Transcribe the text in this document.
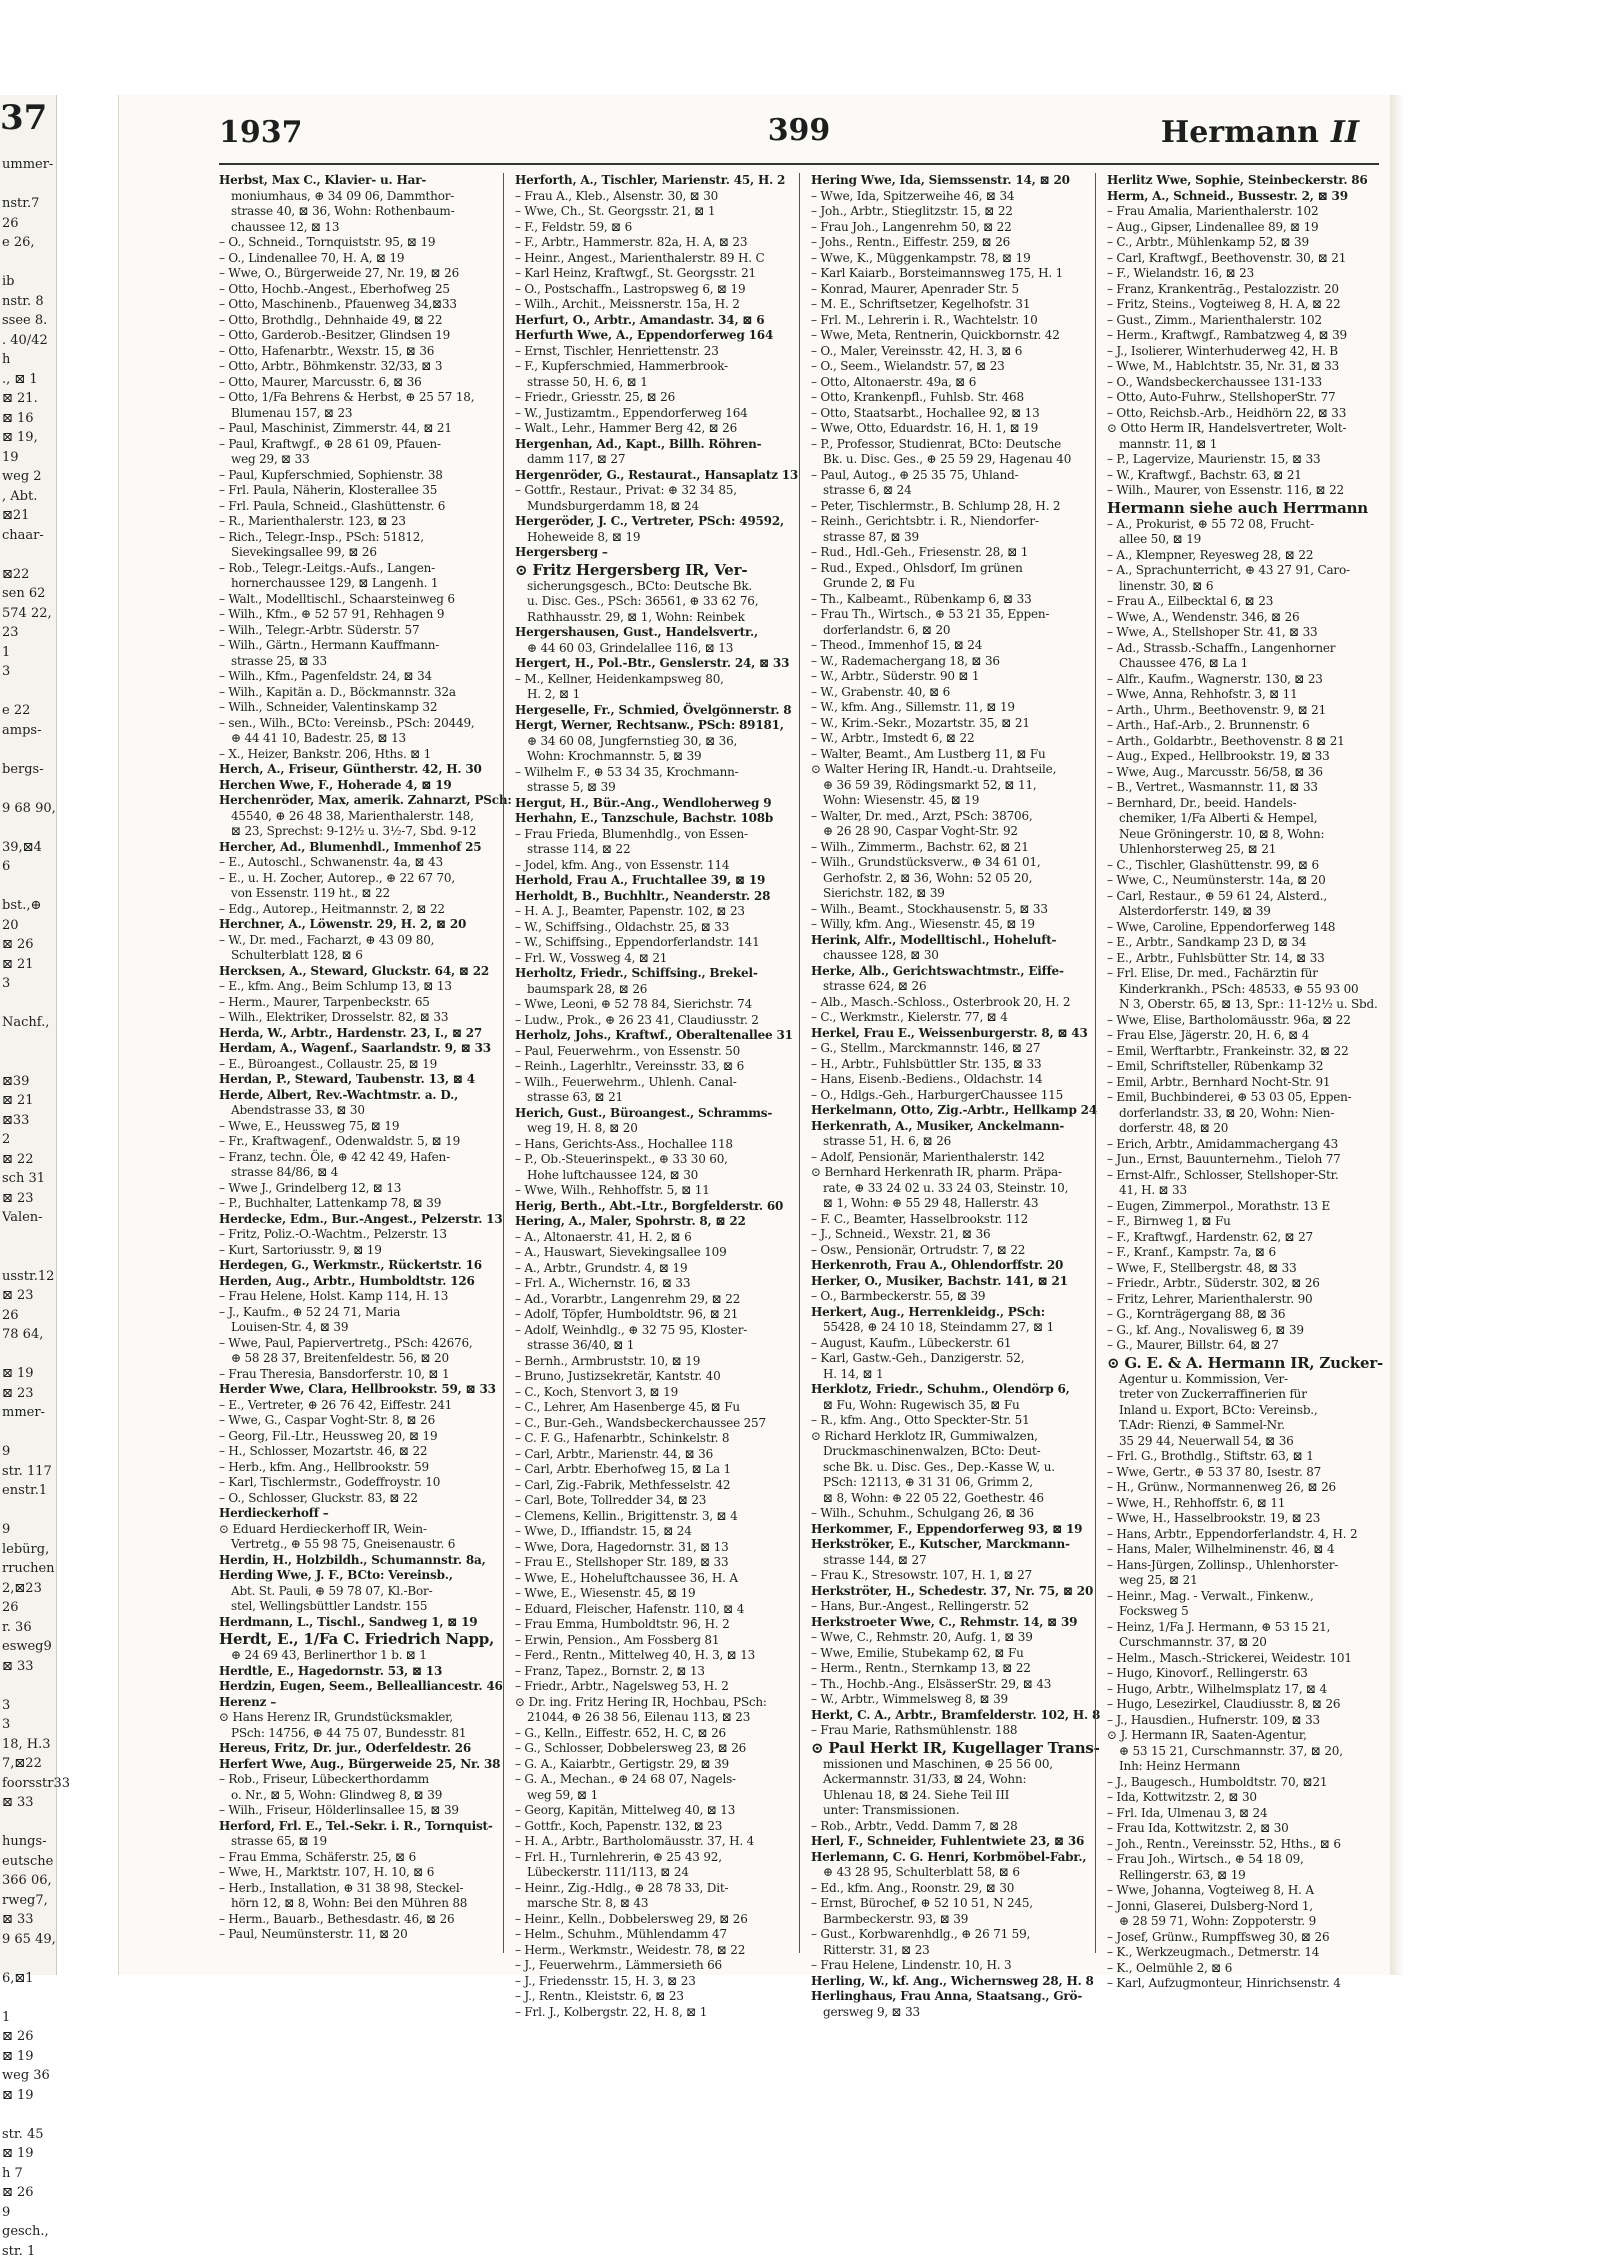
37
ummer-
nstr.7
26
e 26,
ib
nstr. 8
ssee 8.
. 40/42
h
., ⊠ 1
⊠ 21.
⊠ 16
⊠ 19,
19
weg 2
, Abt.
⊠21
chaar-
⊠22
sen 62
574 22,
23
1
3
e 22
amps-
bergs-
9 68 90,
39,⊠4
6
bst.,⊕
20
⊠ 26
⊠ 21
3
Nachf.,
⊠39
⊠ 21
⊠33
2
⊠ 22
sch 31
⊠ 23
Valen-
usstr.12
⊠ 23
26
78 64,
⊠ 19
⊠ 23
mmer-
9
str. 117
enstr.1
9
lebürg,
rruchen
2,⊠23
26
r. 36
esweg9
⊠ 33
3
3
18, H.3
7,⊠22
foorsstr33
⊠ 33
hungs-
eutsche
366 06,
rweg7,
⊠ 33
9 65 49,
6,⊠1
1
⊠ 26
⊠ 19
weg 36
⊠ 19
str. 45
⊠ 19
h 7
⊠ 26
9
gesch.,
str. 1
1937	399	Hermann II
Herbst, Max C., Klavier- u. Har-
moniumhaus, ⊕ 34 09 06, Dammthor-
strasse 40, ⊠ 36, Wohn: Rothenbaum-
chaussee 12, ⊠ 13
– O., Schneid., Tornquiststr. 95, ⊠ 19
– O., Lindenallee 70, H. A, ⊠ 19
– Wwe, O., Bürgerweide 27, Nr. 19, ⊠ 26
– Otto, Hochb.-Angest., Eberhofweg 25
– Otto, Maschinenb., Pfauenweg 34,⊠33
– Otto, Brothdlg., Dehnhaide 49, ⊠ 22
– Otto, Garderob.-Besitzer, Glindsen 19
– Otto, Hafenarbtr., Wexstr. 15, ⊠ 36
– Otto, Arbtr., Böhmkenstr. 32/33, ⊠ 3
– Otto, Maurer, Marcusstr. 6, ⊠ 36
– Otto, 1/Fa Behrens & Herbst, ⊕ 25 57 18,
Blumenau 157, ⊠ 23
– Paul, Maschinist, Zimmerstr. 44, ⊠ 21
– Paul, Kraftwgf., ⊕ 28 61 09, Pfauen-
weg 29, ⊠ 33
– Paul, Kupferschmied, Sophienstr. 38
– Frl. Paula, Näherin, Klosterallee 35
– Frl. Paula, Schneid., Glashüttenstr. 6
– R., Marienthalerstr. 123, ⊠ 23
– Rich., Telegr.-Insp., PSch: 51812,
Sievekingsallee 99, ⊠ 26
– Rob., Telegr.-Leitgs.-Aufs., Langen-
hornerchaussee 129, ⊠ Langenh. 1
– Walt., Modelltischl., Schaarsteinweg 6
– Wilh., Kfm., ⊕ 52 57 91, Rehhagen 9
– Wilh., Telegr.-Arbtr. Süderstr. 57
– Wilh., Gärtn., Hermann Kauffmann-
strasse 25, ⊠ 33
– Wilh., Kfm., Pagenfeldstr. 24, ⊠ 34
– Wilh., Kapitän a. D., Böckmannstr. 32a
– Wilh., Schneider, Valentinskamp 32
– sen., Wilh., BCto: Vereinsb., PSch: 20449,
⊕ 44 41 10, Badestr. 25, ⊠ 13
– X., Heizer, Bankstr. 206, Hths. ⊠ 1
Herch, A., Friseur, Güntherstr. 42, H. 30
Herchen Wwe, F., Hoherade 4, ⊠ 19
Herchenröder, Max, amerik. Zahnarzt, PSch:
45540, ⊕ 26 48 38, Marienthalerstr. 148,
⊠ 23, Sprechst: 9-12½ u. 3½-7, Sbd. 9-12
Hercher, Ad., Blumenhdl., Immenhof 25
– E., Autoschl., Schwanenstr. 4a, ⊠ 43
– E., u. H. Zocher, Autorep., ⊕ 22 67 70,
von Essenstr. 119 ht., ⊠ 22
– Edg., Autorep., Heitmannstr. 2, ⊠ 22
Herchner, A., Löwenstr. 29, H. 2, ⊠ 20
– W., Dr. med., Facharzt, ⊕ 43 09 80,
Schulterblatt 128, ⊠ 6
Hercksen, A., Steward, Gluckstr. 64, ⊠ 22
– E., kfm. Ang., Beim Schlump 13, ⊠ 13
– Herm., Maurer, Tarpenbeckstr. 65
– Wilh., Elektriker, Drosselstr. 82, ⊠ 33
Herda, W., Arbtr., Hardenstr. 23, I., ⊠ 27
Herdam, A., Wagenf., Saarlandstr. 9, ⊠ 33
– E., Büroangest., Collaustr. 25, ⊠ 19
Herdan, P., Steward, Taubenstr. 13, ⊠ 4
Herde, Albert, Rev.-Wachtmstr. a. D.,
Abendstrasse 33, ⊠ 30
– Wwe, E., Heussweg 75, ⊠ 19
– Fr., Kraftwagenf., Odenwaldstr. 5, ⊠ 19
– Franz, techn. Öle, ⊕ 42 42 49, Hafen-
strasse 84/86, ⊠ 4
– Wwe J., Grindelberg 12, ⊠ 13
– P., Buchhalter, Lattenkamp 78, ⊠ 39
Herdecke, Edm., Bur.-Angest., Pelzerstr. 13
– Fritz, Poliz.-O.-Wachtm., Pelzerstr. 13
– Kurt, Sartoriusstr. 9, ⊠ 19
Herdegen, G., Werkmstr., Rückertstr. 16
Herden, Aug., Arbtr., Humboldtstr. 126
– Frau Helene, Holst. Kamp 114, H. 13
– J., Kaufm., ⊕ 52 24 71, Maria
Louisen-Str. 4, ⊠ 39
– Wwe, Paul, Papiervertretg., PSch: 42676,
⊕ 58 28 37, Breitenfeldestr. 56, ⊠ 20
– Frau Theresia, Bansdorferstr. 10, ⊠ 1
Herder Wwe, Clara, Hellbrookstr. 59, ⊠ 33
– E., Vertreter, ⊕ 26 76 42, Eiffestr. 241
– Wwe, G., Caspar Voght-Str. 8, ⊠ 26
– Georg, Fil.-Ltr., Heussweg 20, ⊠ 19
– H., Schlosser, Mozartstr. 46, ⊠ 22
– Herb., kfm. Ang., Hellbrookstr. 59
– Karl, Tischlermstr., Godeffroystr. 10
– O., Schlosser, Gluckstr. 83, ⊠ 22
Herdieckerhoff –
⊙ Eduard Herdieckerhoff IR, Wein-
Vertretg., ⊕ 55 98 75, Gneisenaustr. 6
Herdin, H., Holzbildh., Schumannstr. 8a,
Herding Wwe, J. F., BCto: Vereinsb.,
Abt. St. Pauli, ⊕ 59 78 07, Kl.-Bor-
stel, Wellingsbüttler Landstr. 155
Herdmann, L., Tischl., Sandweg 1, ⊠ 19
Herdt, E., 1/Fa C. Friedrich Napp,
⊕ 24 69 43, Berlinerthor 1 b. ⊠ 1
Herdtle, E., Hagedornstr. 53, ⊠ 13
Herdzin, Eugen, Seem., Bellealliancestr. 46
Herenz –
⊙ Hans Herenz IR, Grundstücksmakler,
PSch: 14756, ⊕ 44 75 07, Bundesstr. 81
Hereus, Fritz, Dr. jur., Oderfeldestr. 26
Herfert Wwe, Aug., Bürgerweide 25, Nr. 38
– Rob., Friseur, Lübeckerthordamm
o. Nr., ⊠ 5, Wohn: Glindweg 8, ⊠ 39
– Wilh., Friseur, Hölderlinsallee 15, ⊠ 39
Herford, Frl. E., Tel.-Sekr. i. R., Tornquist-
strasse 65, ⊠ 19
– Frau Emma, Schäferstr. 25, ⊠ 6
– Wwe, H., Marktstr. 107, H. 10, ⊠ 6
– Herb., Installation, ⊕ 31 38 98, Steckel-
hörn 12, ⊠ 8, Wohn: Bei den Mühren 88
– Herm., Bauarb., Bethesdastr. 46, ⊠ 26
– Paul, Neumünsterstr. 11, ⊠ 20
Herforth, A., Tischler, Marienstr. 45, H. 2
– Frau A., Kleb., Alsenstr. 30, ⊠ 30
– Wwe, Ch., St. Georgsstr. 21, ⊠ 1
– F., Feldstr. 59, ⊠ 6
– F., Arbtr., Hammerstr. 82a, H. A, ⊠ 23
– Heinr., Angest., Marienthalerstr. 89 H. C
– Karl Heinz, Kraftwgf., St. Georgsstr. 21
– O., Postschaffn., Lastropsweg 6, ⊠ 19
– Wilh., Archit., Meissnerstr. 15a, H. 2
Herfurt, O., Arbtr., Amandastr. 34, ⊠ 6
Herfurth Wwe, A., Eppendorferweg 164
– Ernst, Tischler, Henriettenstr. 23
– F., Kupferschmied, Hammerbrook-
strasse 50, H. 6, ⊠ 1
– Friedr., Griesstr. 25, ⊠ 26
– W., Justizamtm., Eppendorferweg 164
– Walt., Lehr., Hammer Berg 42, ⊠ 26
Hergenhan, Ad., Kapt., Billh. Röhren-
damm 117, ⊠ 27
Hergenröder, G., Restaurat., Hansaplatz 13
– Gottfr., Restaur., Privat: ⊕ 32 34 85,
Mundsburgerdamm 18, ⊠ 24
Hergeröder, J. C., Vertreter, PSch: 49592,
Hoheweide 8, ⊠ 19
Hergersberg –
⊙ Fritz Hergersberg IR, Ver-
sicherungsgesch., BCto: Deutsche Bk.
u. Disc. Ges., PSch: 36561, ⊕ 33 62 76,
Rathhausstr. 29, ⊠ 1, Wohn: Reinbek
Hergershausen, Gust., Handelsvertr.,
⊕ 44 60 03, Grindelallee 116, ⊠ 13
Hergert, H., Pol.-Btr., Genslerstr. 24, ⊠ 33
– M., Kellner, Heidenkampsweg 80,
H. 2, ⊠ 1
Hergeselle, Fr., Schmied, Övelgönnerstr. 8
Hergt, Werner, Rechtsanw., PSch: 89181,
⊕ 34 60 08, Jungfernstieg 30, ⊠ 36,
Wohn: Krochmannstr. 5, ⊠ 39
– Wilhelm F., ⊕ 53 34 35, Krochmann-
strasse 5, ⊠ 39
Hergut, H., Bür.-Ang., Wendloherweg 9
Herhahn, E., Tanzschule, Bachstr. 108b
– Frau Frieda, Blumenhdlg., von Essen-
strasse 114, ⊠ 22
– Jodel, kfm. Ang., von Essenstr. 114
Herhold, Frau A., Fruchtallee 39, ⊠ 19
Herholdt, B., Buchhltr., Neanderstr. 28
– H. A. J., Beamter, Papenstr. 102, ⊠ 23
– W., Schiffsing., Oldachstr. 25, ⊠ 33
– W., Schiffsing., Eppendorferlandstr. 141
– Frl. W., Vossweg 4, ⊠ 21
Herholtz, Friedr., Schiffsing., Brekel-
baumspark 28, ⊠ 26
– Wwe, Leoni, ⊕ 52 78 84, Sierichstr. 74
– Ludw., Prok., ⊕ 26 23 41, Claudiusstr. 2
Herholz, Johs., Kraftwf., Oberaltenallee 31
– Paul, Feuerwehrm., von Essenstr. 50
– Reinh., Lagerhltr., Vereinsstr. 33, ⊠ 6
– Wilh., Feuerwehrm., Uhlenh. Canal-
strasse 63, ⊠ 21
Herich, Gust., Büroangest., Schramms-
weg 19, H. 8, ⊠ 20
– Hans, Gerichts-Ass., Hochallee 118
– P., Ob.-Steuerinspekt., ⊕ 33 30 60,
Hohe luftchaussee 124, ⊠ 30
– Wwe, Wilh., Rehhoffstr. 5, ⊠ 11
Herig, Berth., Abt.-Ltr., Borgfelderstr. 60
Hering, A., Maler, Spohrstr. 8, ⊠ 22
– A., Altonaerstr. 41, H. 2, ⊠ 6
– A., Hauswart, Sievekingsallee 109
– A., Arbtr., Grundstr. 4, ⊠ 19
– Frl. A., Wichernstr. 16, ⊠ 33
– Ad., Vorarbtr., Langenrehm 29, ⊠ 22
– Adolf, Töpfer, Humboldtstr. 96, ⊠ 21
– Adolf, Weinhdlg., ⊕ 32 75 95, Kloster-
strasse 36/40, ⊠ 1
– Bernh., Armbruststr. 10, ⊠ 19
– Bruno, Justizsekretär, Kantstr. 40
– C., Koch, Stenvort 3, ⊠ 19
– C., Lehrer, Am Hasenberge 45, ⊠ Fu
– C., Bur.-Geh., Wandsbeckerchaussee 257
– C. F. G., Hafenarbtr., Schinkelstr. 8
– Carl, Arbtr., Marienstr. 44, ⊠ 36
– Carl, Arbtr. Eberhofweg 15, ⊠ La 1
– Carl, Zig.-Fabrik, Methfesselstr. 42
– Carl, Bote, Tollredder 34, ⊠ 23
– Clemens, Kellin., Brigittenstr. 3, ⊠ 4
– Wwe, D., Iffiandstr. 15, ⊠ 24
– Wwe, Dora, Hagedornstr. 31, ⊠ 13
– Frau E., Stellshoper Str. 189, ⊠ 33
– Wwe, E., Hoheluftchaussee 36, H. A
– Wwe, E., Wiesenstr. 45, ⊠ 19
– Eduard, Fleischer, Hafenstr. 110, ⊠ 4
– Frau Emma, Humboldtstr. 96, H. 2
– Erwin, Pension., Am Fossberg 81
– Ferd., Rentn., Mittelweg 40, H. 3, ⊠ 13
– Franz, Tapez., Bornstr. 2, ⊠ 13
– Friedr., Arbtr., Nagelsweg 53, H. 2
⊙ Dr. ing. Fritz Hering IR, Hochbau, PSch:
21044, ⊕ 26 38 56, Eilenau 113, ⊠ 23
– G., Kelln., Eiffestr. 652, H. C, ⊠ 26
– G., Schlosser, Dobbelersweg 23, ⊠ 26
– G. A., Kaiarbtr., Gertigstr. 29, ⊠ 39
– G. A., Mechan., ⊕ 24 68 07, Nagels-
weg 59, ⊠ 1
– Georg, Kapitän, Mittelweg 40, ⊠ 13
– Gottfr., Koch, Papenstr. 132, ⊠ 23
– H. A., Arbtr., Bartholomäusstr. 37, H. 4
– Frl. H., Turnlehrerin, ⊕ 25 43 92,
Lübeckerstr. 111/113, ⊠ 24
– Heinr., Zig.-Hdlg., ⊕ 28 78 33, Dit-
marsche Str. 8, ⊠ 43
– Heinr., Kelln., Dobbelersweg 29, ⊠ 26
– Helm., Schuhm., Mühlendamm 47
– Herm., Werkmstr., Weidestr. 78, ⊠ 22
– J., Feuerwehrm., Lämmersieth 66
– J., Friedensstr. 15, H. 3, ⊠ 23
– J., Rentn., Kleiststr. 6, ⊠ 23
– Frl. J., Kolbergstr. 22, H. 8, ⊠ 1
Hering Wwe, Ida, Siemssenstr. 14, ⊠ 20
– Wwe, Ida, Spitzerweihe 46, ⊠ 34
– Joh., Arbtr., Stieglitzstr. 15, ⊠ 22
– Frau Joh., Langenrehm 50, ⊠ 22
– Johs., Rentn., Eiffestr. 259, ⊠ 26
– Wwe, K., Müggenkampstr. 78, ⊠ 19
– Karl Kaiarb., Borsteimannsweg 175, H. 1
– Konrad, Maurer, Apenrader Str. 5
– M. E., Schriftsetzer, Kegelhofstr. 31
– Frl. M., Lehrerin i. R., Wachtelstr. 10
– Wwe, Meta, Rentnerin, Quickbornstr. 42
– O., Maler, Vereinsstr. 42, H. 3, ⊠ 6
– O., Seem., Wielandstr. 57, ⊠ 23
– Otto, Altonaerstr. 49a, ⊠ 6
– Otto, Krankenpfl., Fuhlsb. Str. 468
– Otto, Staatsarbt., Hochallee 92, ⊠ 13
– Wwe, Otto, Eduardstr. 16, H. 1, ⊠ 19
– P., Professor, Studienrat, BCto: Deutsche
Bk. u. Disc. Ges., ⊕ 25 59 29, Hagenau 40
– Paul, Autog., ⊕ 25 35 75, Uhland-
strasse 6, ⊠ 24
– Peter, Tischlermstr., B. Schlump 28, H. 2
– Reinh., Gerichtsbtr. i. R., Niendorfer-
strasse 87, ⊠ 39
– Rud., Hdl.-Geh., Friesenstr. 28, ⊠ 1
– Rud., Exped., Ohlsdorf, Im grünen
Grunde 2, ⊠ Fu
– Th., Kalbeamt., Rübenkamp 6, ⊠ 33
– Frau Th., Wirtsch., ⊕ 53 21 35, Eppen-
dorferlandstr. 6, ⊠ 20
– Theod., Immenhof 15, ⊠ 24
– W., Rademachergang 18, ⊠ 36
– W., Arbtr., Süderstr. 90 ⊠ 1
– W., Grabenstr. 40, ⊠ 6
– W., kfm. Ang., Sillemstr. 11, ⊠ 19
– W., Krim.-Sekr., Mozartstr. 35, ⊠ 21
– W., Arbtr., Imstedt 6, ⊠ 22
– Walter, Beamt., Am Lustberg 11, ⊠ Fu
⊙ Walter Hering IR, Handt.-u. Drahtseile,
⊕ 36 59 39, Rödingsmarkt 52, ⊠ 11,
Wohn: Wiesenstr. 45, ⊠ 19
– Walter, Dr. med., Arzt, PSch: 38706,
⊕ 26 28 90, Caspar Voght-Str. 92
– Wilh., Zimmerm., Bachstr. 62, ⊠ 21
– Wilh., Grundstücksverw., ⊕ 34 61 01,
Gerhofstr. 2, ⊠ 36, Wohn: 52 05 20,
Sierichstr. 182, ⊠ 39
– Wilh., Beamt., Stockhausenstr. 5, ⊠ 33
– Willy, kfm. Ang., Wiesenstr. 45, ⊠ 19
Herink, Alfr., Modelltischl., Hoheluft-
chaussee 128, ⊠ 30
Herke, Alb., Gerichtswachtmstr., Eiffe-
strasse 624, ⊠ 26
– Alb., Masch.-Schloss., Osterbrook 20, H. 2
– C., Werkmstr., Kielerstr. 77, ⊠ 4
Herkel, Frau E., Weissenburgerstr. 8, ⊠ 43
– G., Stellm., Marckmannstr. 146, ⊠ 27
– H., Arbtr., Fuhlsbüttler Str. 135, ⊠ 33
– Hans, Eisenb.-Bediens., Oldachstr. 14
– O., Hdlgs.-Geh., HarburgerChaussee 115
Herkelmann, Otto, Zig.-Arbtr., Hellkamp 24
Herkenrath, A., Musiker, Anckelmann-
strasse 51, H. 6, ⊠ 26
– Adolf, Pensionär, Marienthalerstr. 142
⊙ Bernhard Herkenrath IR, pharm. Präpa-
rate, ⊕ 33 24 02 u. 33 24 03, Steinstr. 10,
⊠ 1, Wohn: ⊕ 55 29 48, Hallerstr. 43
– F. C., Beamter, Hasselbrookstr. 112
– J., Schneid., Wexstr. 21, ⊠ 36
– Osw., Pensionär, Ortrudstr. 7, ⊠ 22
Herkenroth, Frau A., Ohlendorffstr. 20
Herker, O., Musiker, Bachstr. 141, ⊠ 21
– O., Barmbeckerstr. 55, ⊠ 39
Herkert, Aug., Herrenkleidg., PSch:
55428, ⊕ 24 10 18, Steindamm 27, ⊠ 1
– August, Kaufm., Lübeckerstr. 61
– Karl, Gastw.-Geh., Danzigerstr. 52,
H. 14, ⊠ 1
Herklotz, Friedr., Schuhm., Olendörp 6,
⊠ Fu, Wohn: Rugewisch 35, ⊠ Fu
– R., kfm. Ang., Otto Speckter-Str. 51
⊙ Richard Herklotz IR, Gummiwalzen,
Druckmaschinenwalzen, BCto: Deut-
sche Bk. u. Disc. Ges., Dep.-Kasse W, u.
PSch: 12113, ⊕ 31 31 06, Grimm 2,
⊠ 8, Wohn: ⊕ 22 05 22, Goethestr. 46
– Wilh., Schuhm., Schulgang 26, ⊠ 36
Herkommer, F., Eppendorferweg 93, ⊠ 19
Herkströker, E., Kutscher, Marckmann-
strasse 144, ⊠ 27
– Frau K., Stresowstr. 107, H. 1, ⊠ 27
Herkströter, H., Schedestr. 37, Nr. 75, ⊠ 20
– Hans, Bur.-Angest., Rellingerstr. 52
Herkstroeter Wwe, C., Rehmstr. 14, ⊠ 39
– Wwe, C., Rehmstr. 20, Aufg. 1, ⊠ 39
– Wwe, Emilie, Stubekamp 62, ⊠ Fu
– Herm., Rentn., Sternkamp 13, ⊠ 22
– Th., Hochb.-Ang., ElsässerStr. 29, ⊠ 43
– W., Arbtr., Wimmelsweg 8, ⊠ 39
Herkt, C. A., Arbtr., Bramfelderstr. 102, H. 8
– Frau Marie, Rathsmühlenstr. 188
⊙ Paul Herkt IR, Kugellager Trans-
missionen und Maschinen, ⊕ 25 56 00,
Ackermannstr. 31/33, ⊠ 24, Wohn:
Uhlenau 18, ⊠ 24. Siehe Teil III
unter: Transmissionen.
– Rob., Arbtr., Vedd. Damm 7, ⊠ 28
Herl, F., Schneider, Fuhlentwiete 23, ⊠ 36
Herlemann, C. G. Henri, Korbmöbel-Fabr.,
⊕ 43 28 95, Schulterblatt 58, ⊠ 6
– Ed., kfm. Ang., Roonstr. 29, ⊠ 30
– Ernst, Bürochef, ⊕ 52 10 51, N 245,
Barmbeckerstr. 93, ⊠ 39
– Gust., Korbwarenhdlg., ⊕ 26 71 59,
Ritterstr. 31, ⊠ 23
– Frau Helene, Lindenstr. 10, H. 3
Herling, W., kf. Ang., Wichernsweg 28, H. 8
Herlinghaus, Frau Anna, Staatsang., Grö-
gersweg 9, ⊠ 33
Herlitz Wwe, Sophie, Steinbeckerstr. 86
Herm, A., Schneid., Bussestr. 2, ⊠ 39
– Frau Amalia, Marienthalerstr. 102
– Aug., Gipser, Lindenallee 89, ⊠ 19
– C., Arbtr., Mühlenkamp 52, ⊠ 39
– Carl, Kraftwgf., Beethovenstr. 30, ⊠ 21
– F., Wielandstr. 16, ⊠ 23
– Franz, Krankentrāg., Pestalozzistr. 20
– Fritz, Steins., Vogteiweg 8, H. A, ⊠ 22
– Gust., Zimm., Marienthalerstr. 102
– Herm., Kraftwgf., Rambatzweg 4, ⊠ 39
– J., Isolierer, Winterhuderweg 42, H. B
– Wwe, M., Hablchtstr. 35, Nr. 31, ⊠ 33
– O., Wandsbeckerchaussee 131-133
– Otto, Auto-Fuhrw., StellshoperStr. 77
– Otto, Reichsb.-Arb., Heidhörn 22, ⊠ 33
⊙ Otto Herm IR, Handelsvertreter, Wolt-
mannstr. 11, ⊠ 1
– P., Lagervize, Maurienstr. 15, ⊠ 33
– W., Kraftwgf., Bachstr. 63, ⊠ 21
– Wilh., Maurer, von Essenstr. 116, ⊠ 22
Hermann siehe auch Herrmann
– A., Prokurist, ⊕ 55 72 08, Frucht-
allee 50, ⊠ 19
– A., Klempner, Reyesweg 28, ⊠ 22
– A., Sprachunterricht, ⊕ 43 27 91, Caro-
linenstr. 30, ⊠ 6
– Frau A., Eilbecktal 6, ⊠ 23
– Wwe, A., Wendenstr. 346, ⊠ 26
– Wwe, A., Stellshoper Str. 41, ⊠ 33
– Ad., Strassb.-Schaffn., Langenhorner
Chaussee 476, ⊠ La 1
– Alfr., Kaufm., Wagnerstr. 130, ⊠ 23
– Wwe, Anna, Rehhofstr. 3, ⊠ 11
– Arth., Uhrm., Beethovenstr. 9, ⊠ 21
– Arth., Haf.-Arb., 2. Brunnenstr. 6
– Arth., Goldarbtr., Beethovenstr. 8 ⊠ 21
– Aug., Exped., Hellbrookstr. 19, ⊠ 33
– Wwe, Aug., Marcusstr. 56/58, ⊠ 36
– B., Vertret., Wasmannstr. 11, ⊠ 33
– Bernhard, Dr., beeid. Handels-
chemiker, 1/Fa Alberti & Hempel,
Neue Gröningerstr. 10, ⊠ 8, Wohn:
Uhlenhorsterweg 25, ⊠ 21
– C., Tischler, Glashüttenstr. 99, ⊠ 6
– Wwe, C., Neumünsterstr. 14a, ⊠ 20
– Carl, Restaur., ⊕ 59 61 24, Alsterd.,
Alsterdorferstr. 149, ⊠ 39
– Wwe, Caroline, Eppendorferweg 148
– E., Arbtr., Sandkamp 23 D, ⊠ 34
– E., Arbtr., Fuhlsbütter Str. 14, ⊠ 33
– Frl. Elise, Dr. med., Fachärztin für
Kinderkrankh., PSch: 48533, ⊕ 55 93 00
N 3, Oberstr. 65, ⊠ 13, Spr.: 11-12½ u. Sbd.
– Wwe, Elise, Bartholomäusstr. 96a, ⊠ 22
– Frau Else, Jägerstr. 20, H. 6, ⊠ 4
– Emil, Werftarbtr., Frankeinstr. 32, ⊠ 22
– Emil, Schriftsteller, Rübenkamp 32
– Emil, Arbtr., Bernhard Nocht-Str. 91
– Emil, Buchbinderei, ⊕ 53 03 05, Eppen-
dorferlandstr. 33, ⊠ 20, Wohn: Nien-
dorferstr. 48, ⊠ 20
– Erich, Arbtr., Amidammachergang 43
– Jun., Ernst, Bauunternehm., Tieloh 77
– Ernst-Alfr., Schlosser, Stellshoper-Str.
41, H. ⊠ 33
– Eugen, Zimmerpol., Morathstr. 13 E
– F., Birnweg 1, ⊠ Fu
– F., Kraftwgf., Hardenstr. 62, ⊠ 27
– F., Kranf., Kampstr. 7a, ⊠ 6
– Wwe, F., Stellbergstr. 48, ⊠ 33
– Friedr., Arbtr., Süderstr. 302, ⊠ 26
– Fritz, Lehrer, Marienthalerstr. 90
– G., Kornträgergang 88, ⊠ 36
– G., kf. Ang., Novalisweg 6, ⊠ 39
– G., Maurer, Billstr. 64, ⊠ 27
⊙ G. E. & A. Hermann IR, Zucker-
Agentur u. Kommission, Ver-
treter von Zuckerraffinerien für
Inland u. Export, BCto: Vereinsb.,
T.Adr: Rienzi, ⊕ Sammel-Nr.
35 29 44, Neuerwall 54, ⊠ 36
– Frl. G., Brothdlg., Stiftstr. 63, ⊠ 1
– Wwe, Gertr., ⊕ 53 37 80, Isestr. 87
– H., Grünw., Normannenweg 26, ⊠ 26
– Wwe, H., Rehhoffstr. 6, ⊠ 11
– Wwe, H., Hasselbrookstr. 19, ⊠ 23
– Hans, Arbtr., Eppendorferlandstr. 4, H. 2
– Hans, Maler, Wilhelminenstr. 46, ⊠ 4
– Hans-Jürgen, Zollinsp., Uhlenhorster-
weg 25, ⊠ 21
– Heinr., Mag. - Verwalt., Finkenw.,
Focksweg 5
– Heinz, 1/Fa J. Hermann, ⊕ 53 15 21,
Curschmannstr. 37, ⊠ 20
– Helm., Masch.-Strickerei, Weidestr. 101
– Hugo, Kinovorf., Rellingerstr. 63
– Hugo, Arbtr., Wilhelmsplatz 17, ⊠ 4
– Hugo, Lesezirkel, Claudiusstr. 8, ⊠ 26
– J., Hausdien., Hufnerstr. 109, ⊠ 33
⊙ J. Hermann IR, Saaten-Agentur,
⊕ 53 15 21, Curschmannstr. 37, ⊠ 20,
Inh: Heinz Hermann
– J., Baugesch., Humboldtstr. 70, ⊠21
– Ida, Kottwitzstr. 2, ⊠ 30
– Frl. Ida, Ulmenau 3, ⊠ 24
– Frau Ida, Kottwitzstr. 2, ⊠ 30
– Joh., Rentn., Vereinsstr. 52, Hths., ⊠ 6
– Frau Joh., Wirtsch., ⊕ 54 18 09,
Rellingerstr. 63, ⊠ 19
– Wwe, Johanna, Vogteiweg 8, H. A
– Jonni, Glaserei, Dulsberg-Nord 1,
⊕ 28 59 71, Wohn: Zoppoterstr. 9
– Josef, Grünw., Rumpffsweg 30, ⊠ 26
– K., Werkzeugmach., Detmerstr. 14
– K., Oelmühle 2, ⊠ 6
– Karl, Aufzugmonteur, Hinrichsenstr. 4
